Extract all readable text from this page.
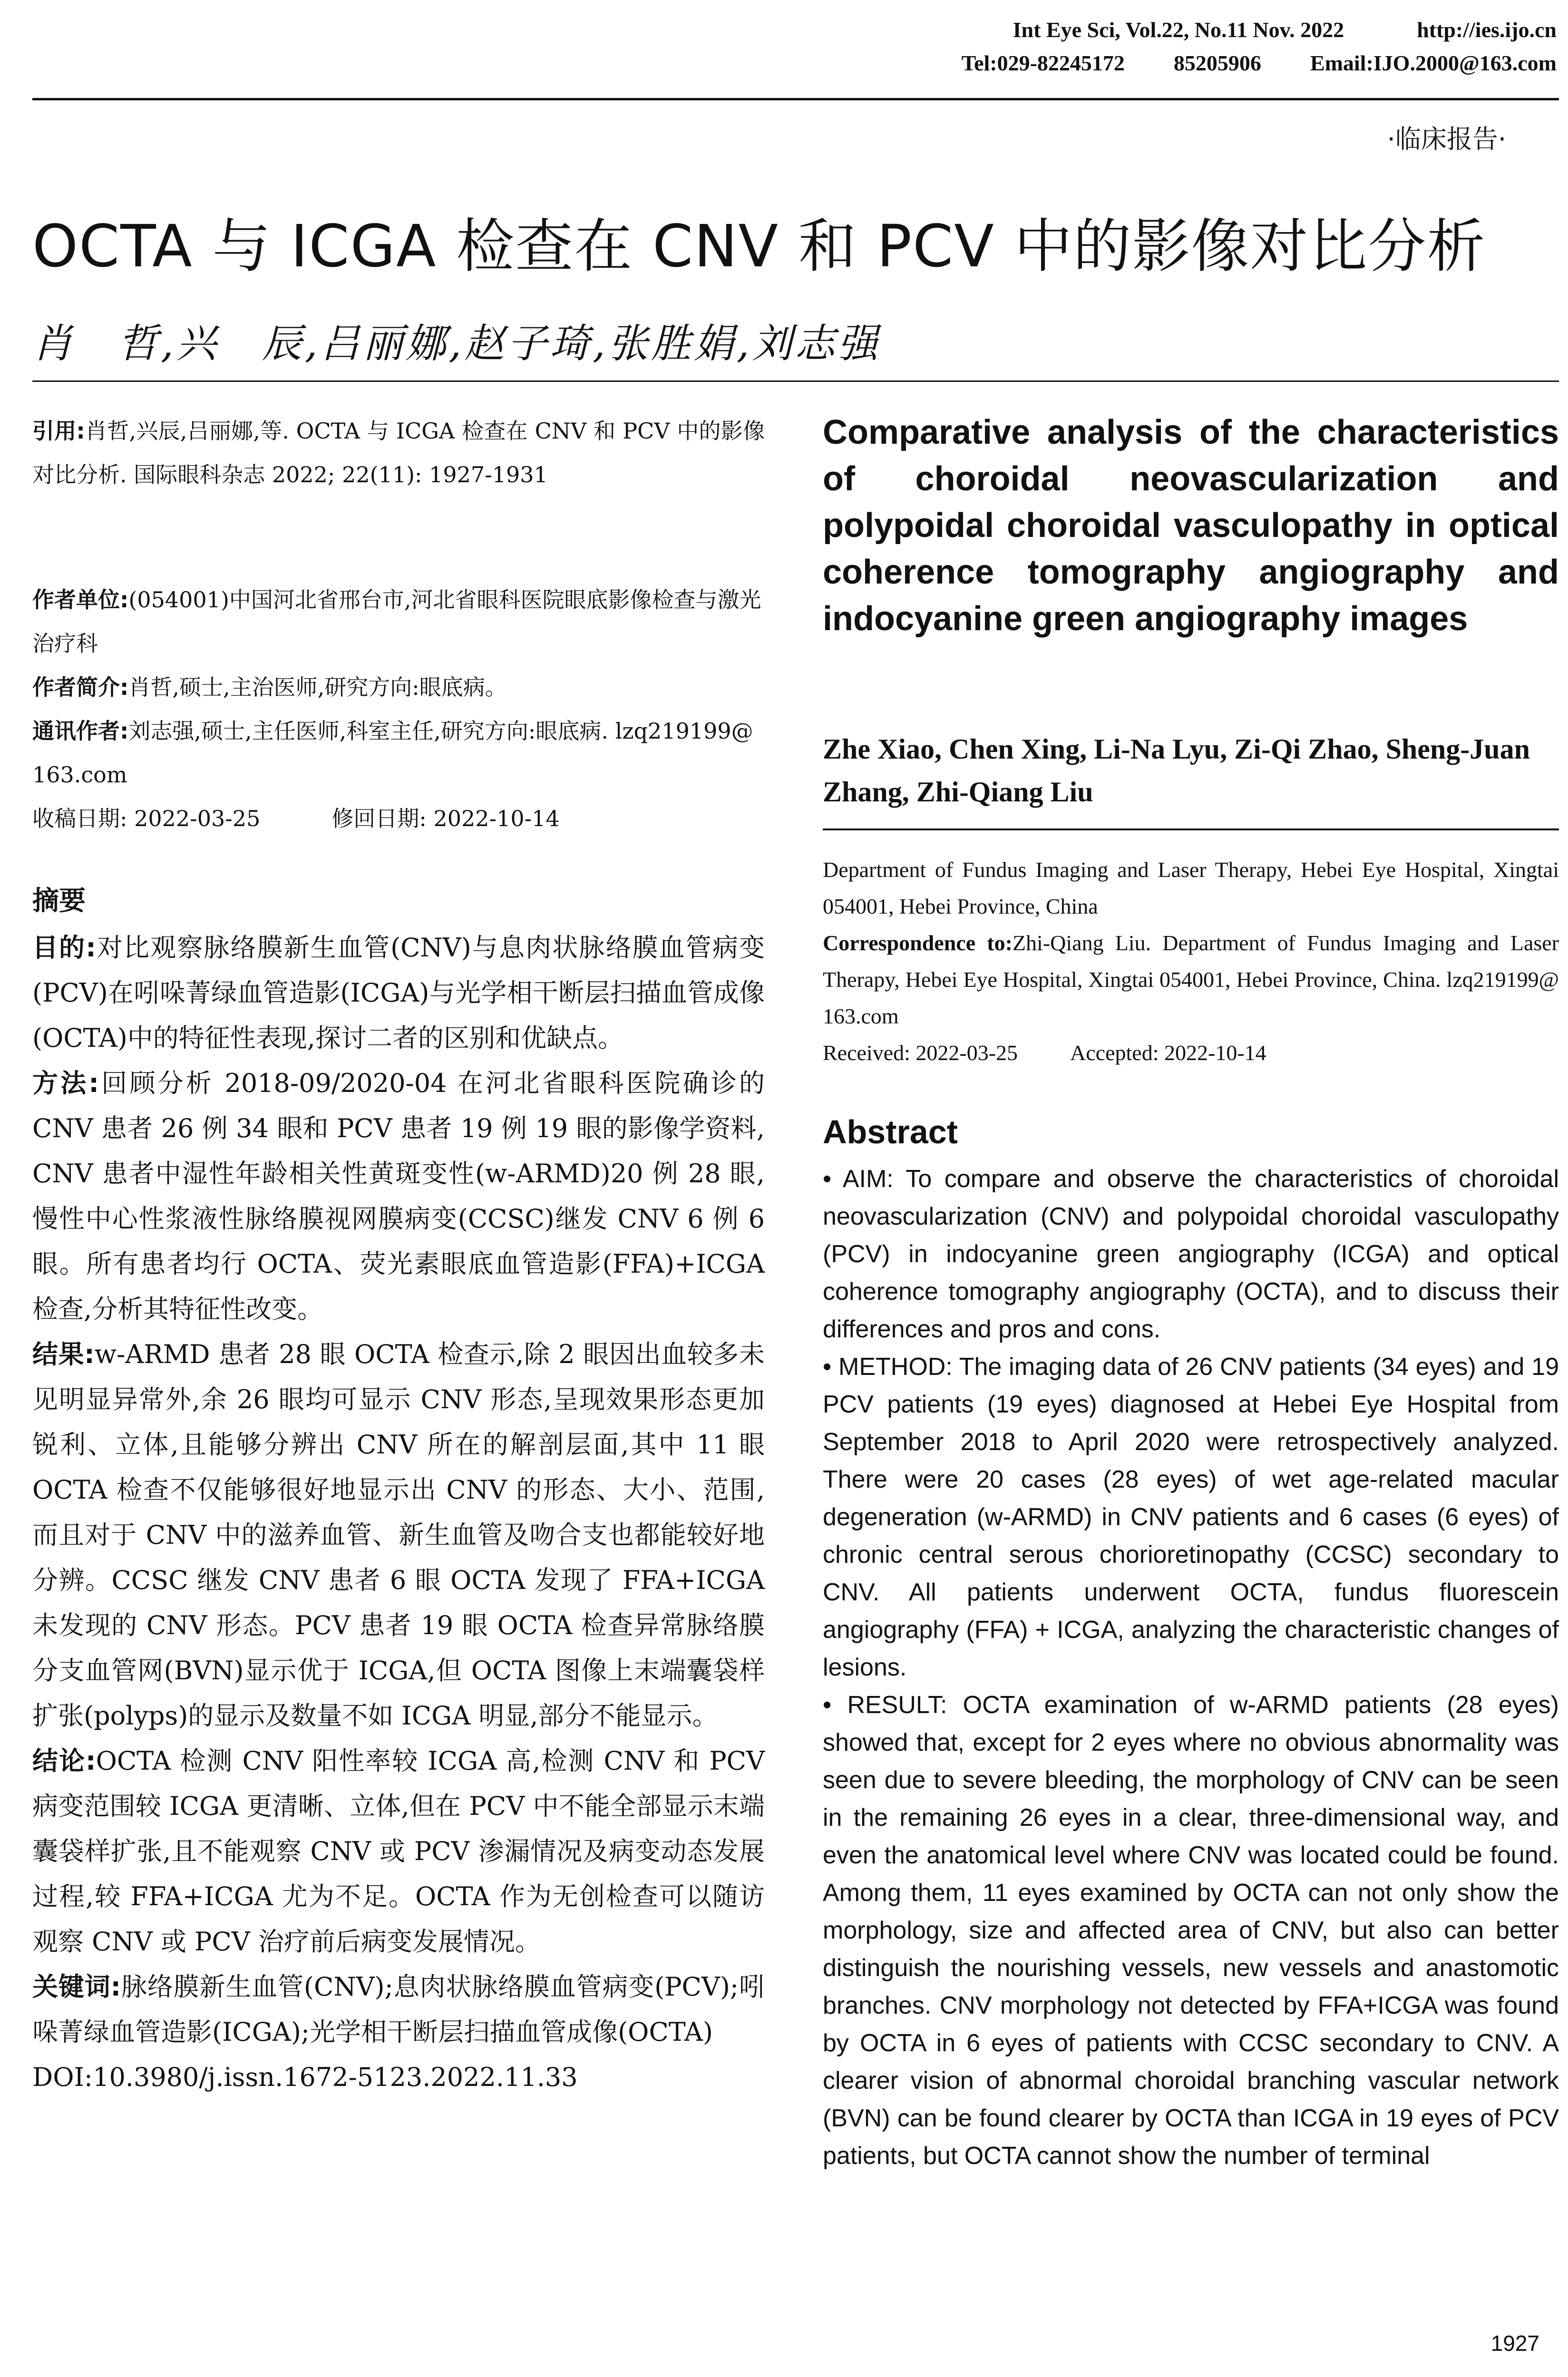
Int Eye Sci, Vol.22, No.11 Nov. 2022	http://ies.ijo.cn
Tel:029-82245172 85205906 Email:IJO.2000@163.com
·临床报告·
OCTA 与 ICGA 检查在 CNV 和 PCV 中的影像对比分析
肖　哲,兴　辰,吕丽娜,赵子琦,张胜娟,刘志强
引用:肖哲,兴辰,吕丽娜,等. OCTA 与 ICGA 检查在 CNV 和 PCV 中的影像对比分析. 国际眼科杂志 2022; 22(11): 1927-1931

作者单位:(054001)中国河北省邢台市,河北省眼科医院眼底影像检查与激光治疗科

作者简介:肖哲,硕士,主治医师,研究方向:眼底病。

通讯作者:刘志强,硕士,主任医师,科室主任,研究方向:眼底病. lzq219199@ 163.com

收稿日期: 2022-03-25	修回日期: 2022-10-14

摘要

目的:对比观察脉络膜新生血管(CNV)与息肉状脉络膜血管病变(PCV)在吲哚菁绿血管造影(ICGA)与光学相干断层扫描血管成像(OCTA)中的特征性表现,探讨二者的区别和优缺点。

方法:回顾分析 2018-09/2020-04 在河北省眼科医院确诊的 CNV 患者 26 例 34 眼和 PCV 患者 19 例 19 眼的影像学资料, CNV 患者中湿性年龄相关性黄斑变性(w-ARMD)20 例 28 眼,慢性中心性浆液性脉络膜视网膜病变(CCSC)继发 CNV 6 例 6 眼。所有患者均行 OCTA、荧光素眼底血管造影(FFA)+ICGA 检查,分析其特征性改变。

结果:w-ARMD 患者 28 眼 OCTA 检查示,除 2 眼因出血较多未见明显异常外,余 26 眼均可显示 CNV 形态,呈现效果形态更加锐利、立体,且能够分辨出 CNV 所在的解剖层面,其中 11 眼 OCTA 检查不仅能够很好地显示出 CNV 的形态、大小、范围,而且对于 CNV 中的滋养血管、新生血管及吻合支也都能较好地分辨。CCSC 继发 CNV 患者 6 眼 OCTA 发现了 FFA+ICGA 未发现的 CNV 形态。PCV 患者 19 眼 OCTA 检查异常脉络膜分支血管网(BVN)显示优于 ICGA,但 OCTA 图像上末端囊袋样扩张(polyps)的显示及数量不如 ICGA 明显,部分不能显示。

结论:OCTA 检测 CNV 阳性率较 ICGA 高,检测 CNV 和 PCV 病变范围较 ICGA 更清晰、立体,但在 PCV 中不能全部显示末端囊袋样扩张,且不能观察 CNV 或 PCV 渗漏情况及病变动态发展过程,较 FFA+ICGA 尤为不足。OCTA 作为无创检查可以随访观察 CNV 或 PCV 治疗前后病变发展情况。

关键词:脉络膜新生血管(CNV);息肉状脉络膜血管病变(PCV);吲哚菁绿血管造影(ICGA);光学相干断层扫描血管成像(OCTA)

DOI:10.3980/j.issn.1672-5123.2022.11.33

Comparative analysis of the characteristics of choroidal neovascularization and polypoidal choroidal vasculopathy in optical coherence tomography angiography and indocyanine green angiography images
Zhe Xiao, Chen Xing, Li-Na Lyu, Zi-Qi Zhao, Sheng-Juan Zhang, Zhi-Qiang Liu

Department of Fundus Imaging and Laser Therapy, Hebei Eye Hospital, Xingtai 054001, Hebei Province, China

Correspondence to:Zhi-Qiang Liu. Department of Fundus Imaging and Laser Therapy, Hebei Eye Hospital, Xingtai 054001, Hebei Province, China. lzq219199@ 163.com

Received: 2022-03-25 Accepted: 2022-10-14

Abstract

• AIM: To compare and observe the characteristics of choroidal neovascularization (CNV) and polypoidal choroidal vasculopathy (PCV) in indocyanine green angiography (ICGA) and optical coherence tomography angiography (OCTA), and to discuss their differences and pros and cons.

• METHOD: The imaging data of 26 CNV patients (34 eyes) and 19 PCV patients (19 eyes) diagnosed at Hebei Eye Hospital from September 2018 to April 2020 were retrospectively analyzed. There were 20 cases (28 eyes) of wet age-related macular degeneration (w-ARMD) in CNV patients and 6 cases (6 eyes) of chronic central serous chorioretinopathy (CCSC) secondary to CNV. All patients underwent OCTA, fundus fluorescein angiography (FFA) + ICGA, analyzing the characteristic changes of lesions.

• RESULT: OCTA examination of w-ARMD patients (28 eyes) showed that, except for 2 eyes where no obvious abnormality was seen due to severe bleeding, the morphology of CNV can be seen in the remaining 26 eyes in a clear, three-dimensional way, and even the anatomical level where CNV was located could be found. Among them, 11 eyes examined by OCTA can not only show the morphology, size and affected area of CNV, but also can better distinguish the nourishing vessels, new vessels and anastomotic branches. CNV morphology not detected by FFA+ICGA was found by OCTA in 6 eyes of patients with CCSC secondary to CNV. A clearer vision of abnormal choroidal branching vascular network (BVN) can be found clearer by OCTA than ICGA in 19 eyes of PCV patients, but OCTA cannot show the number of terminal

1927
